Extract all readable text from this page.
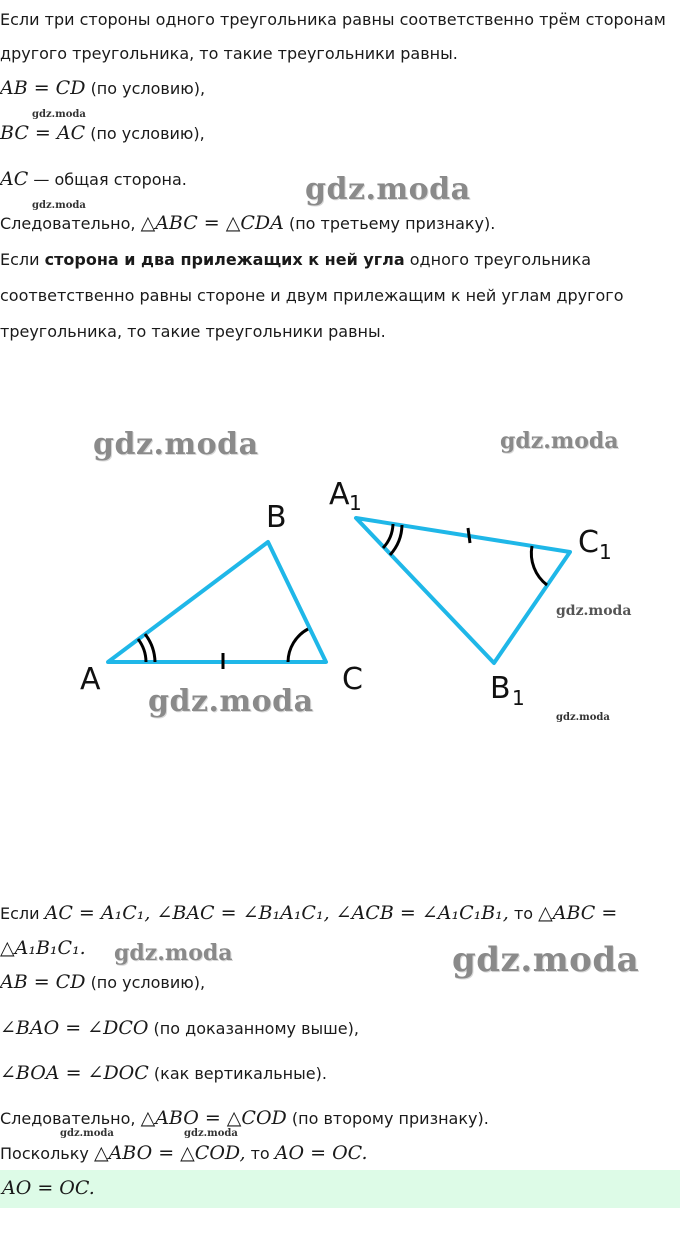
Если три стороны одного треугольника равны соответственно трём сторонам
другого треугольника, то такие треугольники равны.
AB = CD (по условию),
BC = AC (по условию),
AC — общая сторона.
Следовательно, △ABC = △CDA (по третьему признаку).
Если сторона и два прилежащих к ней угла одного треугольника
соответственно равны стороне и двум прилежащим к ней углам другого
треугольника, то такие треугольники равны.
A
B
C
A 1
C 1
B 1
Если AC = A₁C₁, ∠BAC = ∠B₁A₁C₁, ∠ACB = ∠A₁C₁B₁, то △ABC =
△A₁B₁C₁.
AB = CD (по условию),
∠BAO = ∠DCO (по доказанному выше),
∠BOA = ∠DOC (как вертикальные).
Следовательно, △ABO = △COD (по второму признаку).
Поскольку △ABO = △COD, то AO = OC.
AO = OC.
gdz.moda
gdz.moda	gdz.moda
gdz.moda	gdz.moda
gdz.moda
gdz.moda	gdz.moda
gdz.moda	gdz.moda
gdz.moda	gdz.moda
